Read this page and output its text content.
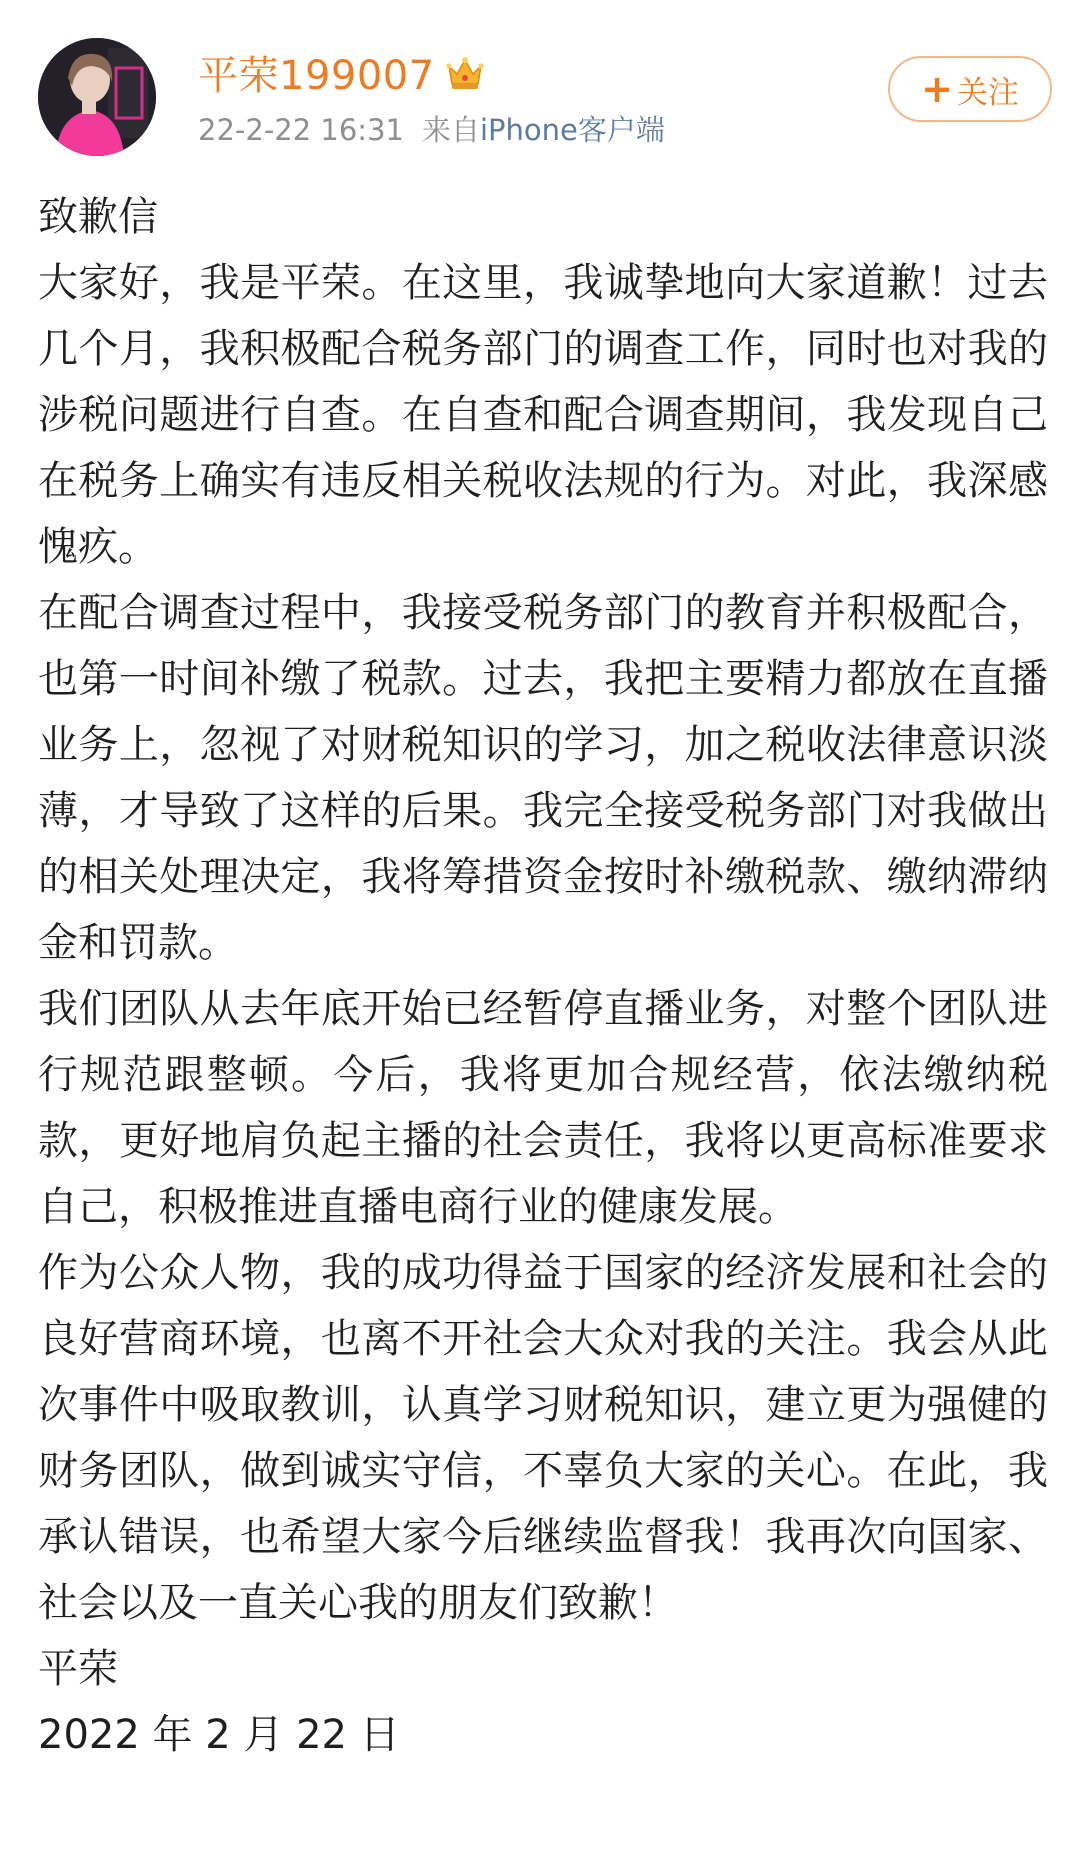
平荣199007
22-2-22 16:31 来自iPhone客户端
+ 关注

致歉信

大家好，我是平荣。在这里，我诚挚地向大家道歉！过去几个月，我积极配合税务部门的调查工作，同时也对我的涉税问题进行自查。在自查和配合调查期间，我发现自己在税务上确实有违反相关税收法规的行为。对此，我深感愧疚。

在配合调查过程中，我接受税务部门的教育并积极配合，也第一时间补缴了税款。过去，我把主要精力都放在直播业务上，忽视了对财税知识的学习，加之税收法律意识淡薄，才导致了这样的后果。我完全接受税务部门对我做出的相关处理决定，我将筹措资金按时补缴税款、缴纳滞纳金和罚款。

我们团队从去年底开始已经暂停直播业务，对整个团队进行规范跟整顿。今后，我将更加合规经营，依法缴纳税款，更好地肩负起主播的社会责任，我将以更高标准要求自己，积极推进直播电商行业的健康发展。

作为公众人物，我的成功得益于国家的经济发展和社会的良好营商环境，也离不开社会大众对我的关注。我会从此次事件中吸取教训，认真学习财税知识，建立更为强健的财务团队，做到诚实守信，不辜负大家的关心。在此，我承认错误，也希望大家今后继续监督我！我再次向国家、社会以及一直关心我的朋友们致歉！

平荣

2022 年 2 月 22 日
